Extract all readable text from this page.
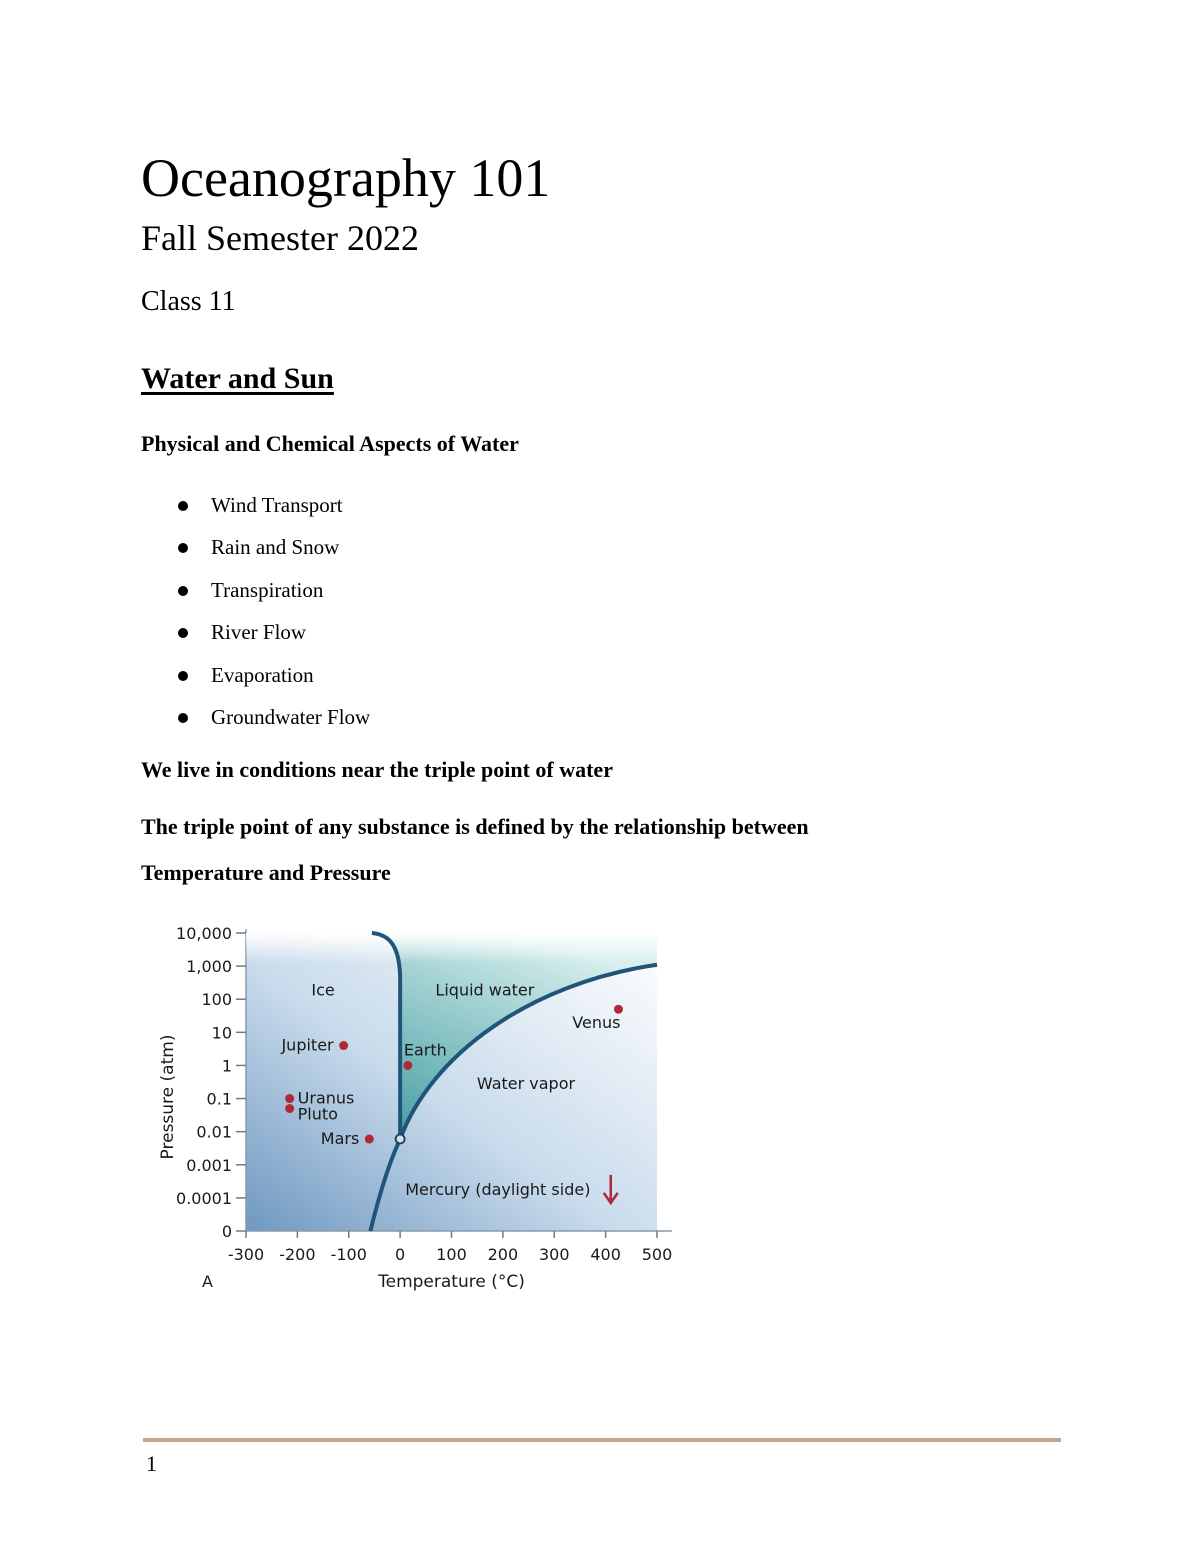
Oceanography 101
Fall Semester 2022
Class 11
Water and Sun
Physical and Chemical Aspects of Water
Wind Transport
Rain and Snow
Transpiration
River Flow
Evaporation
Groundwater Flow
We live in conditions near the triple point of water
The triple point of any substance is defined by the relationship between
Temperature and Pressure
0
0.0001
0.001
0.01
0.1
1
10
100
1,000
10,000
-300 -200 -100 0 100 200 300 400 500
Temperature (°C)
Pressure (atm)
A
Ice	Liquid water
Water vapor
Mercury (daylight side)
Jupiter
Uranus
Pluto
Mars
Earth
Venus
1
